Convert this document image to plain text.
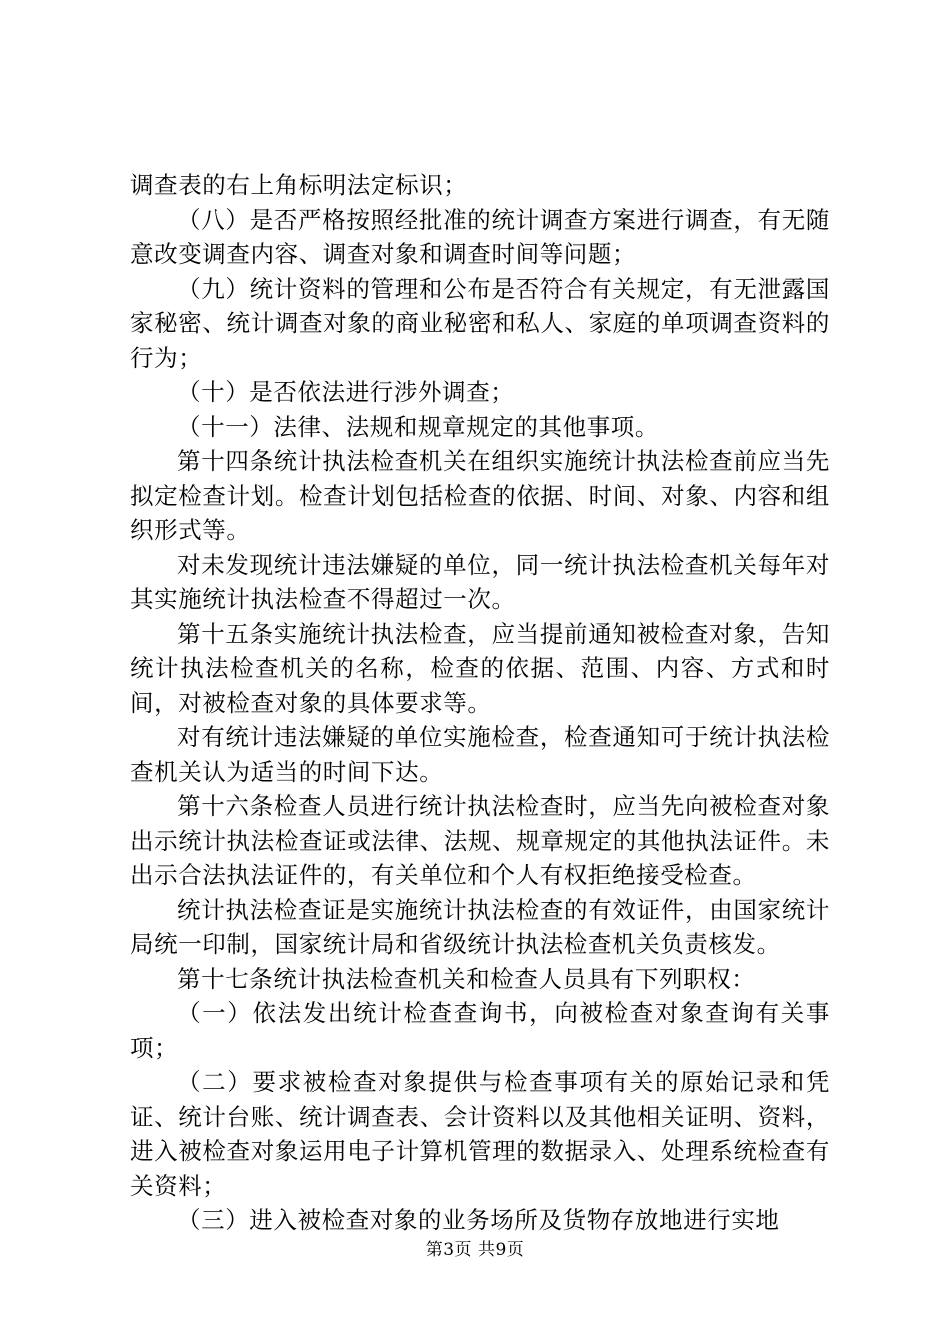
调查表的右上角标明法定标识；

（八）是否严格按照经批准的统计调查方案进行调查，有无随意改变调查内容、调查对象和调查时间等问题；

（九）统计资料的管理和公布是否符合有关规定，有无泄露国家秘密、统计调查对象的商业秘密和私人、家庭的单项调查资料的行为；

（十）是否依法进行涉外调查；

（十一）法律、法规和规章规定的其他事项。

第十四条统计执法检查机关在组织实施统计执法检查前应当先拟定检查计划。检查计划包括检查的依据、时间、对象、内容和组织形式等。

对未发现统计违法嫌疑的单位，同一统计执法检查机关每年对其实施统计执法检查不得超过一次。

第十五条实施统计执法检查，应当提前通知被检查对象，告知统计执法检查机关的名称，检查的依据、范围、内容、方式和时间，对被检查对象的具体要求等。

对有统计违法嫌疑的单位实施检查，检查通知可于统计执法检查机关认为适当的时间下达。

第十六条检查人员进行统计执法检查时，应当先向被检查对象出示统计执法检查证或法律、法规、规章规定的其他执法证件。未出示合法执法证件的，有关单位和个人有权拒绝接受检查。

统计执法检查证是实施统计执法检查的有效证件，由国家统计局统一印制，国家统计局和省级统计执法检查机关负责核发。

第十七条统计执法检查机关和检查人员具有下列职权：

（一）依法发出统计检查查询书，向被检查对象查询有关事项；

（二）要求被检查对象提供与检查事项有关的原始记录和凭证、统计台账、统计调查表、会计资料以及其他相关证明、资料，进入被检查对象运用电子计算机管理的数据录入、处理系统检查有关资料；

（三）进入被检查对象的业务场所及货物存放地进行实地

第3页 共9页
